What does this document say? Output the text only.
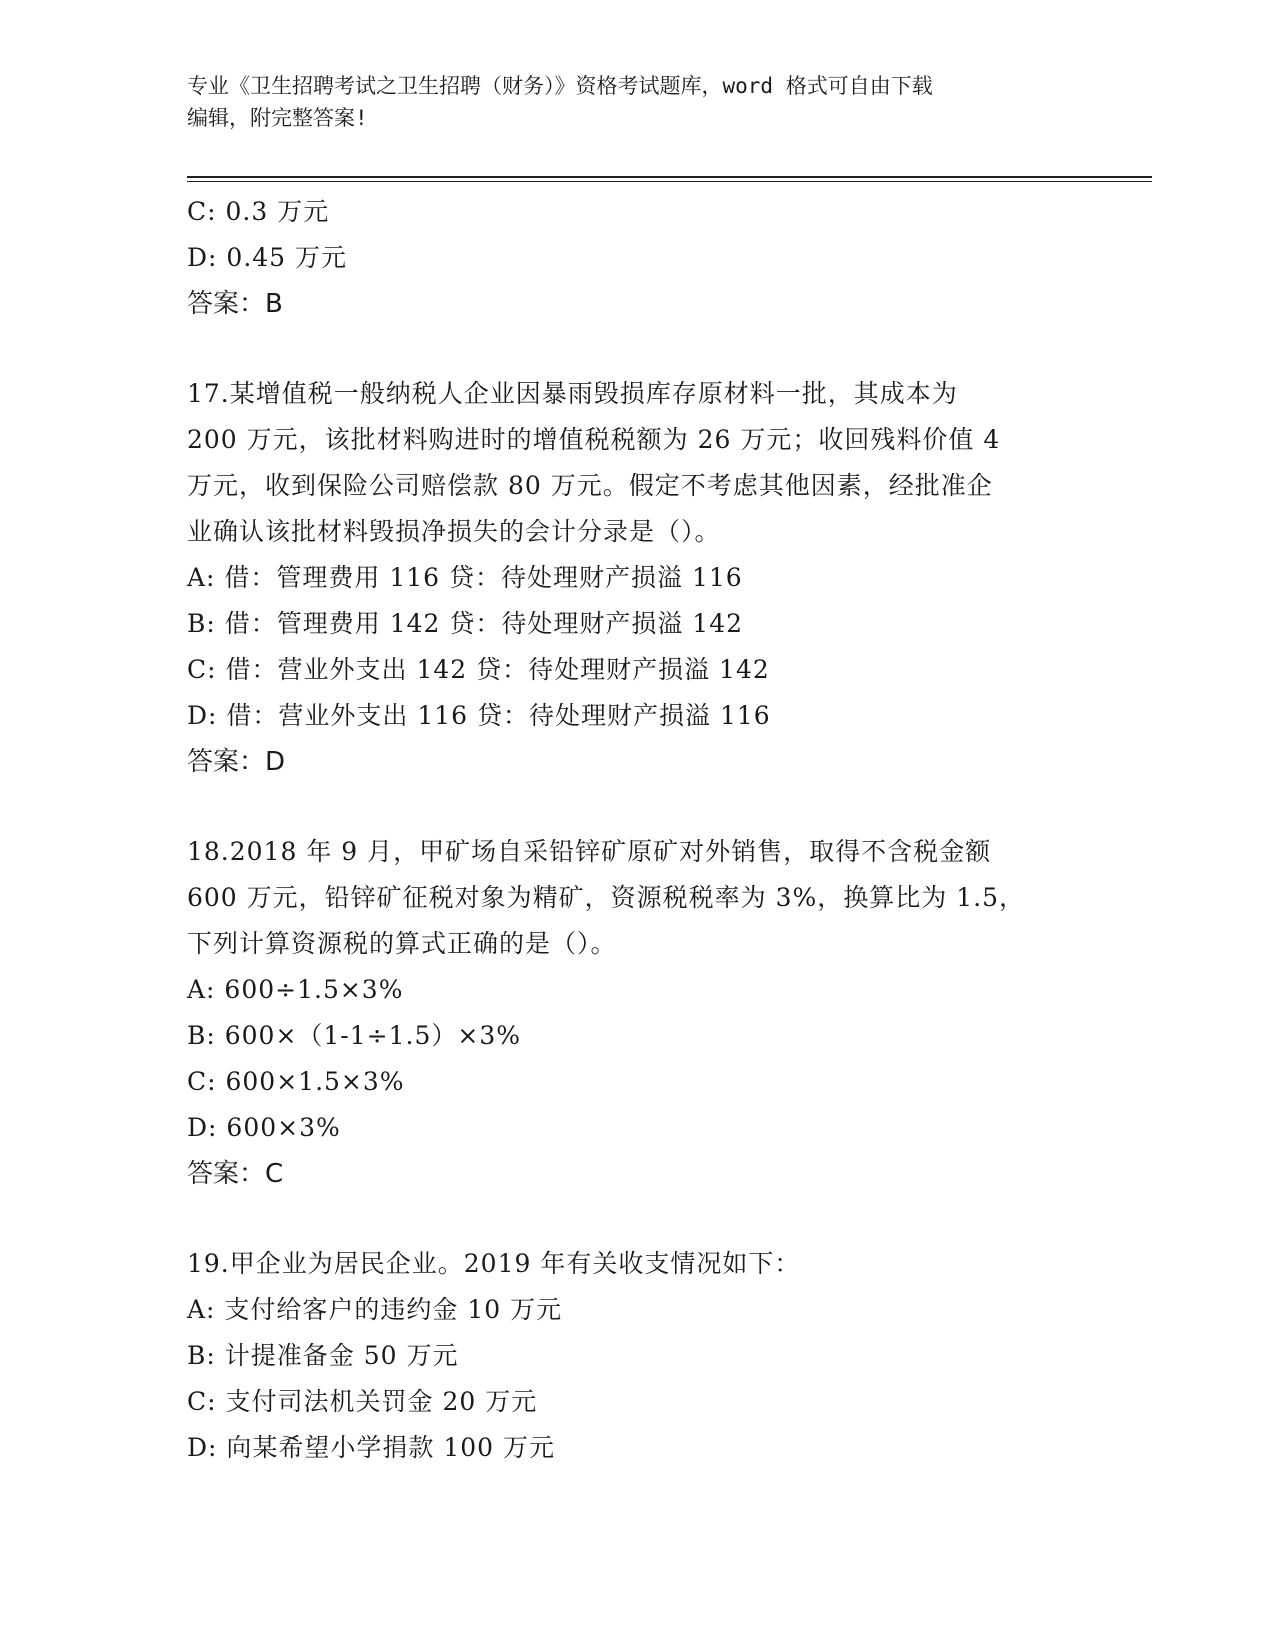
专业《卫生招聘考试之卫生招聘（财务）》资格考试题库，word 格式可自由下载
编辑，附完整答案!
C: 0.3 万元
D: 0.45 万元
答案：B
17.某增值税一般纳税人企业因暴雨毁损库存原材料一批，其成本为
200 万元，该批材料购进时的增值税税额为 26 万元；收回残料价值 4
万元，收到保险公司赔偿款 80 万元。假定不考虑其他因素，经批准企
业确认该批材料毁损净损失的会计分录是（）。
A: 借：管理费用 116 贷：待处理财产损溢 116
B: 借：管理费用 142 贷：待处理财产损溢 142
C: 借：营业外支出 142 贷：待处理财产损溢 142
D: 借：营业外支出 116 贷：待处理财产损溢 116
答案：D
18.2018 年 9 月，甲矿场自采铅锌矿原矿对外销售，取得不含税金额
600 万元，铅锌矿征税对象为精矿，资源税税率为 3%，换算比为 1.5，
下列计算资源税的算式正确的是（）。
A: 600÷1.5×3%
B: 600×（1-1÷1.5）×3%
C: 600×1.5×3%
D: 600×3%
答案：C
19.甲企业为居民企业。2019 年有关收支情况如下：
A: 支付给客户的违约金 10 万元
B: 计提准备金 50 万元
C: 支付司法机关罚金 20 万元
D: 向某希望小学捐款 100 万元
